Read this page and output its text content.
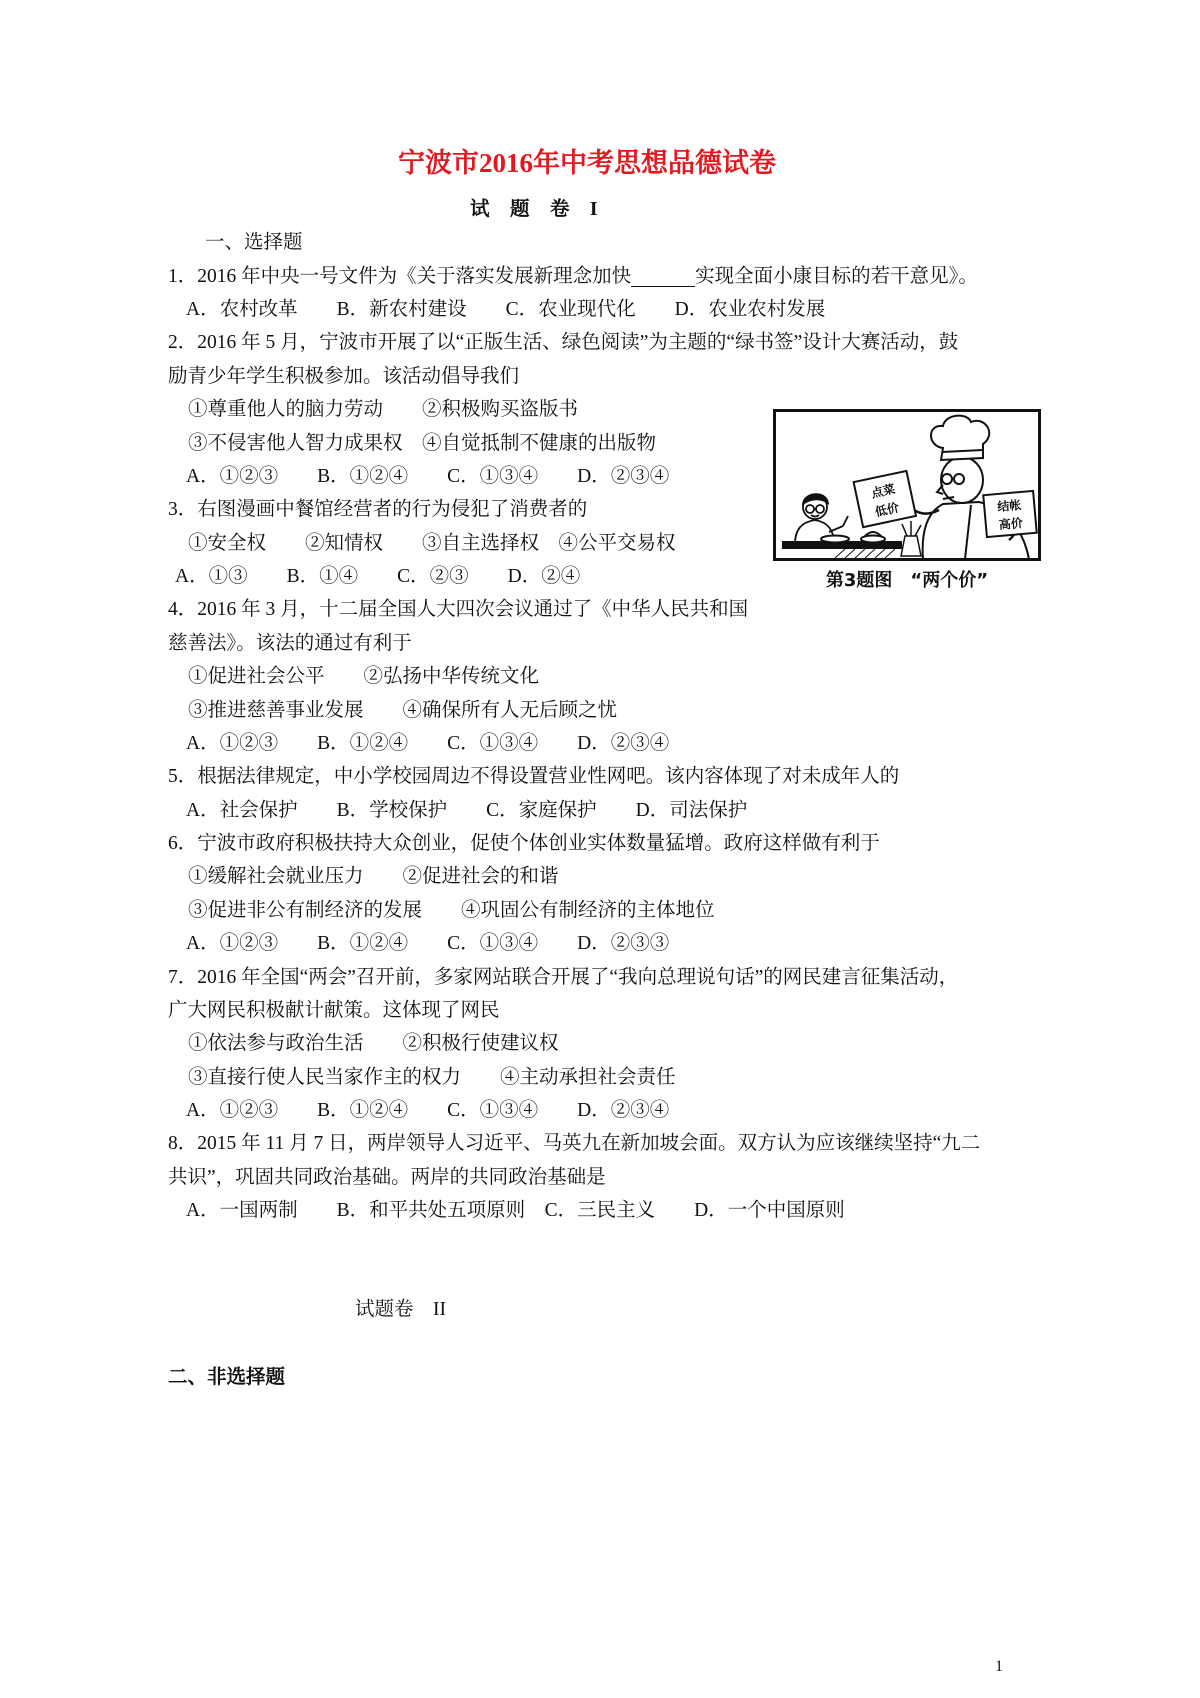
宁波市2016年中考思想品德试卷
试 题 卷 I
一、选择题
1．2016 年中央一号文件为《关于落实发展新理念加快	实现全面小康目标的若干意见》。
A．农村改革 B．新农村建设 C．农业现代化 D．农业农村发展
2．2016 年 5 月，宁波市开展了以“正版生活、绿色阅读”为主题的“绿书签”设计大赛活动，鼓
励青少年学生积极参加。该活动倡导我们
①尊重他人的脑力劳动 ②积极购买盗版书
③不侵害他人智力成果权 ④自觉抵制不健康的出版物
A．①②③ B．①②④ C．①③④ D．②③④
3．右图漫画中餐馆经营者的行为侵犯了消费者的
①安全权 ②知情权 ③自主选择权 ④公平交易权
A．①③ B．①④ C．②③ D．②④
4．2016 年 3 月，十二届全国人大四次会议通过了《中华人民共和国
慈善法》。该法的通过有利于
①促进社会公平 ②弘扬中华传统文化
③推进慈善事业发展 ④确保所有人无后顾之忧
A．①②③ B．①②④ C．①③④ D．②③④
5．根据法律规定，中小学校园周边不得设置营业性网吧。该内容体现了对未成年人的
A．社会保护 B．学校保护 C．家庭保护 D．司法保护
6．宁波市政府积极扶持大众创业，促使个体创业实体数量猛增。政府这样做有利于
①缓解社会就业压力 ②促进社会的和谐
③促进非公有制经济的发展 ④巩固公有制经济的主体地位
A．①②③ B．①②④ C．①③④ D．②③③
7．2016 年全国“两会”召开前，多家网站联合开展了“我向总理说句话”的网民建言征集活动，
广大网民积极献计献策。这体现了网民
①依法参与政治生活 ②积极行使建议权
③直接行使人民当家作主的权力 ④主动承担社会责任
A．①②③ B．①②④ C．①③④ D．②③④
8．2015 年 11 月 7 日，两岸领导人习近平、马英九在新加坡会面。双方认为应该继续坚持“九二
共识”，巩固共同政治基础。两岸的共同政治基础是
A．一国两制 B．和平共处五项原则 C．三民主义 D．一个中国原则
点菜
低价	结帐
高价
第3题图　“两个价”
试题卷　II
二、非选择题
1
